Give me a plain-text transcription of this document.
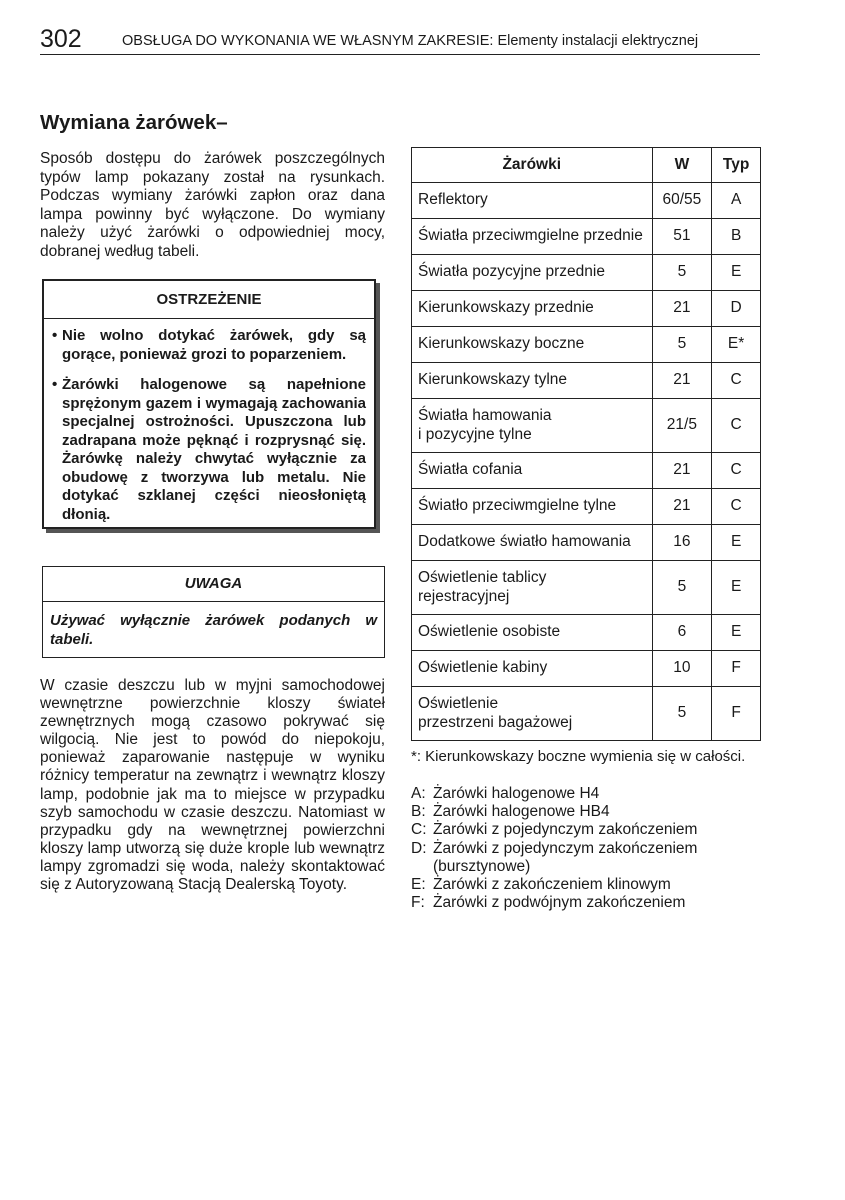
302	OBSŁUGA DO WYKONANIA WE WŁASNYM ZAKRESIE: Elementy instalacji elektrycznej
Wymiana żarówek–

Sposób dostępu do żarówek poszczególnych typów lamp pokazany został na rysunkach. Podczas wymiany żarówki zapłon oraz dana lampa powinny być wyłączone. Do wymiany należy użyć żarówki o odpowiedniej mocy, dobranej według tabeli.

OSTRZEŻENIE
• Nie wolno dotykać żarówek, gdy są gorące, ponieważ grozi to poparzeniem.
• Żarówki halogenowe są napełnione sprężonym gazem i wymagają zachowania specjalnej ostrożności. Upuszczona lub zadrapana może pęknąć i rozprysnąć się. Żarówkę należy chwytać wyłącznie za obudowę z tworzywa lub metalu. Nie dotykać szklanej części nieosłoniętą dłonią.
UWAGA

Używać wyłącznie żarówek podanych w tabeli.

W czasie deszczu lub w myjni samochodowej wewnętrzne powierzchnie kloszy świateł zewnętrznych mogą czasowo pokrywać się wilgocią. Nie jest to powód do niepokoju, ponieważ zaparowanie następuje w wyniku różnicy temperatur na zewnątrz i wewnątrz kloszy lamp, podobnie jak ma to miejsce w przypadku szyb samochodu w czasie deszczu. Natomiast w przypadku gdy na wewnętrznej powierzchni kloszy lamp utworzą się duże krople lub wewnątrz lampy zgromadzi się woda, należy skontaktować się z Autoryzowaną Stacją Dealerską Toyoty.

Żarówki	W	Typ
Reflektory	60/55	A
Światła przeciwmgielne przednie	51	B
Światła pozycyjne przednie	5	E
Kierunkowskazy przednie	21	D
Kierunkowskazy boczne	5	E*
Kierunkowskazy tylne	21	C
Światła hamowania
i pozycyjne tylne	21/5	C
Światła cofania	21	C
Światło przeciwmgielne tylne	21	C
Dodatkowe światło hamowania	16	E
Oświetlenie tablicy
rejestracyjnej	5	E
Oświetlenie osobiste	6	E
Oświetlenie kabiny	10	F
Oświetlenie
przestrzeni bagażowej	5	F

*: Kierunkowskazy boczne wymienia się w całości.

A: Żarówki halogenowe H4
B: Żarówki halogenowe HB4
C: Żarówki z pojedynczym zakończeniem
D: Żarówki z pojedynczym zakończeniem
(bursztynowe)
E: Żarówki z zakończeniem klinowym
F: Żarówki z podwójnym zakończeniem
